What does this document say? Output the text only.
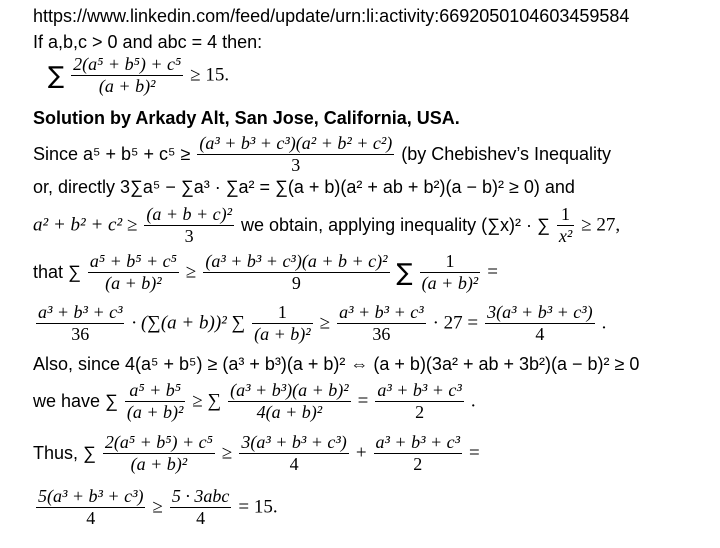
https://www.linkedin.com/feed/update/urn:li:activity:6692050104603459584
If a,b,c > 0 and abc = 4 then:
∑ $\frac{\text{2(a⁵ + b⁵) + c⁵}}{\text{(a + b)²}} \ge 15$.
Solution by Arkady Alt, San Jose, California, USA.
Since $a^5 + b^5 + c^5 \ge \frac{\text{(a³ + b³ + c³)(a² + b² + c²)}}{3} (by$ Chebishev’s Inequality
or, directly 3∑a⁵ − ∑a³ · ∑a² = ∑(a + b)(a² + ab + b²)(a − b)² ≥ 0) and
$a^2 + b^2 + c^2 \ge \frac{\text{(a + b + c)²}}{3}$ we obtain, applying inequality (∑x)² · ∑ $\frac{1}{\text{x²}} \ge 27$,
that ∑ $\frac{\text{a⁵ + b⁵ + c⁵}}{\text{(a + b)²}} \ge \frac{\text{(a³ + b³ + c³)(a + b + c)²}}{9}$ ∑ $\frac{1}{\text{(a + b)²}}$ =
$\frac{\text{a³ + b³ + c³}}{36} \cdot (\sum(a + b))^2$ ∑ $\frac{1}{\text{(a + b)²}} \ge \frac{\text{a³ + b³ + c³}}{36} \cdot 27 = \frac{\text{3(a³ + b³ + c³)}}{4}$ .
Also, since 4(a⁵ + b⁵) ≥ (a³ + b³)(a + b)² ⇔ (a + b)(3a² + ab + 3b²)(a − b)² ≥ 0
we have ∑ $\frac{\text{a⁵ + b⁵}}{\text{(a + b)²}}$ ≥ ∑ $\frac{\text{(a³ + b³)(a + b)²}}{\text{4(a + b)²}} = \frac{\text{a³ + b³ + c³}}{2}$ .
Thus, ∑ $\frac{\text{2(a⁵ + b⁵) + c⁵}}{\text{(a + b)²}} \ge \frac{\text{3(a³ + b³ + c³)}}{4} + \frac{\text{a³ + b³ + c³}}{2}$ =
$\frac{\text{5(a³ + b³ + c³)}}{4} \ge \frac{\text{5 · 3abc}}{4} = 15$.
